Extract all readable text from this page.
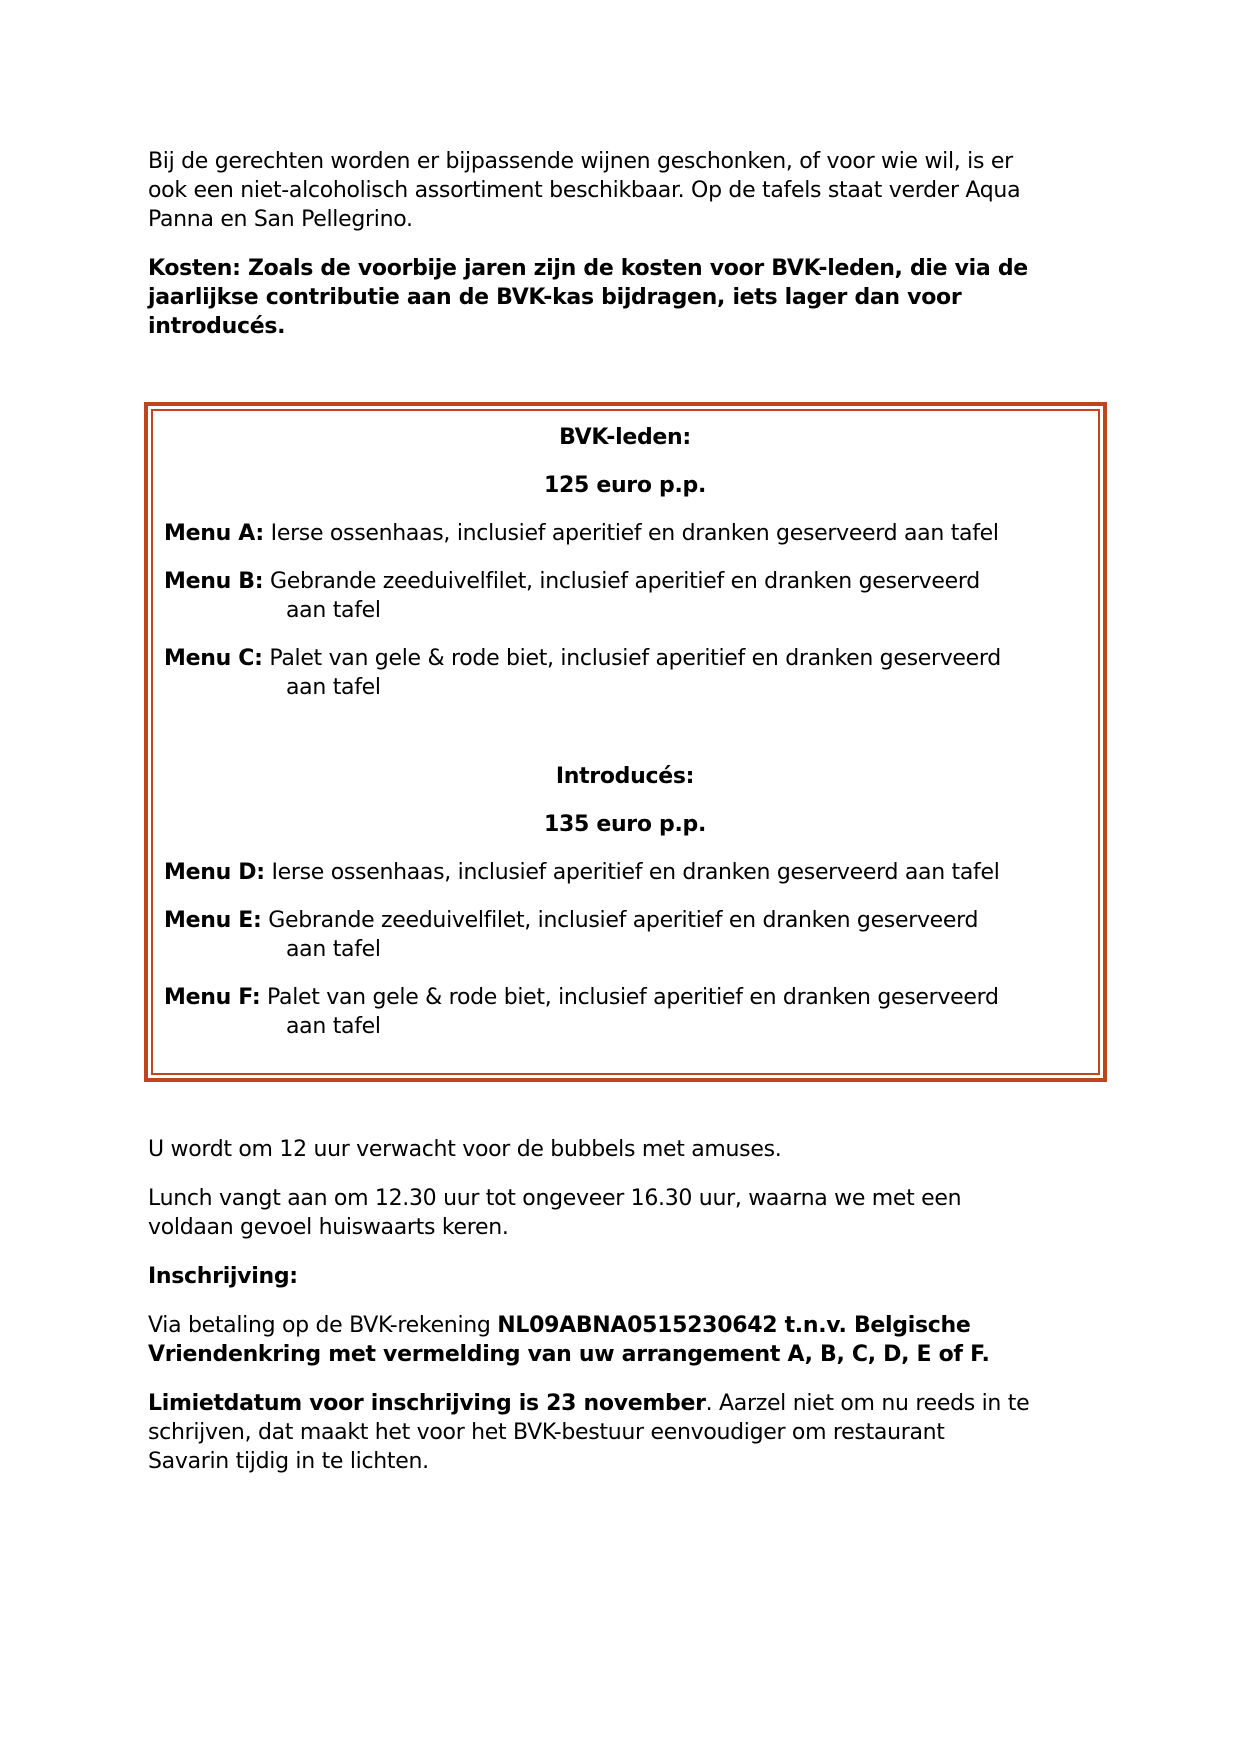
Bij de gerechten worden er bijpassende wijnen geschonken, of voor wie wil, is er
ook een niet-alcoholisch assortiment beschikbaar. Op de tafels staat verder Aqua
Panna en San Pellegrino.

Kosten: Zoals de voorbije jaren zijn de kosten voor BVK-leden, die via de
jaarlijkse contributie aan de BVK-kas bijdragen, iets lager dan voor
introducés.

BVK-leden:

125 euro p.p.

Menu A: Ierse ossenhaas, inclusief aperitief en dranken geserveerd aan tafel

Menu B: Gebrande zeeduivelfilet, inclusief aperitief en dranken geserveerd
aan tafel

Menu C: Palet van gele & rode biet, inclusief aperitief en dranken geserveerd
aan tafel

Introducés:

135 euro p.p.

Menu D: Ierse ossenhaas, inclusief aperitief en dranken geserveerd aan tafel

Menu E: Gebrande zeeduivelfilet, inclusief aperitief en dranken geserveerd
aan tafel

Menu F: Palet van gele & rode biet, inclusief aperitief en dranken geserveerd
aan tafel

U wordt om 12 uur verwacht voor de bubbels met amuses.

Lunch vangt aan om 12.30 uur tot ongeveer 16.30 uur, waarna we met een
voldaan gevoel huiswaarts keren.

Inschrijving:

Via betaling op de BVK-rekening NL09ABNA0515230642 t.n.v. Belgische
Vriendenkring met vermelding van uw arrangement A, B, C, D, E of F.

Limietdatum voor inschrijving is 23 november. Aarzel niet om nu reeds in te
schrijven, dat maakt het voor het BVK-bestuur eenvoudiger om restaurant
Savarin tijdig in te lichten.
